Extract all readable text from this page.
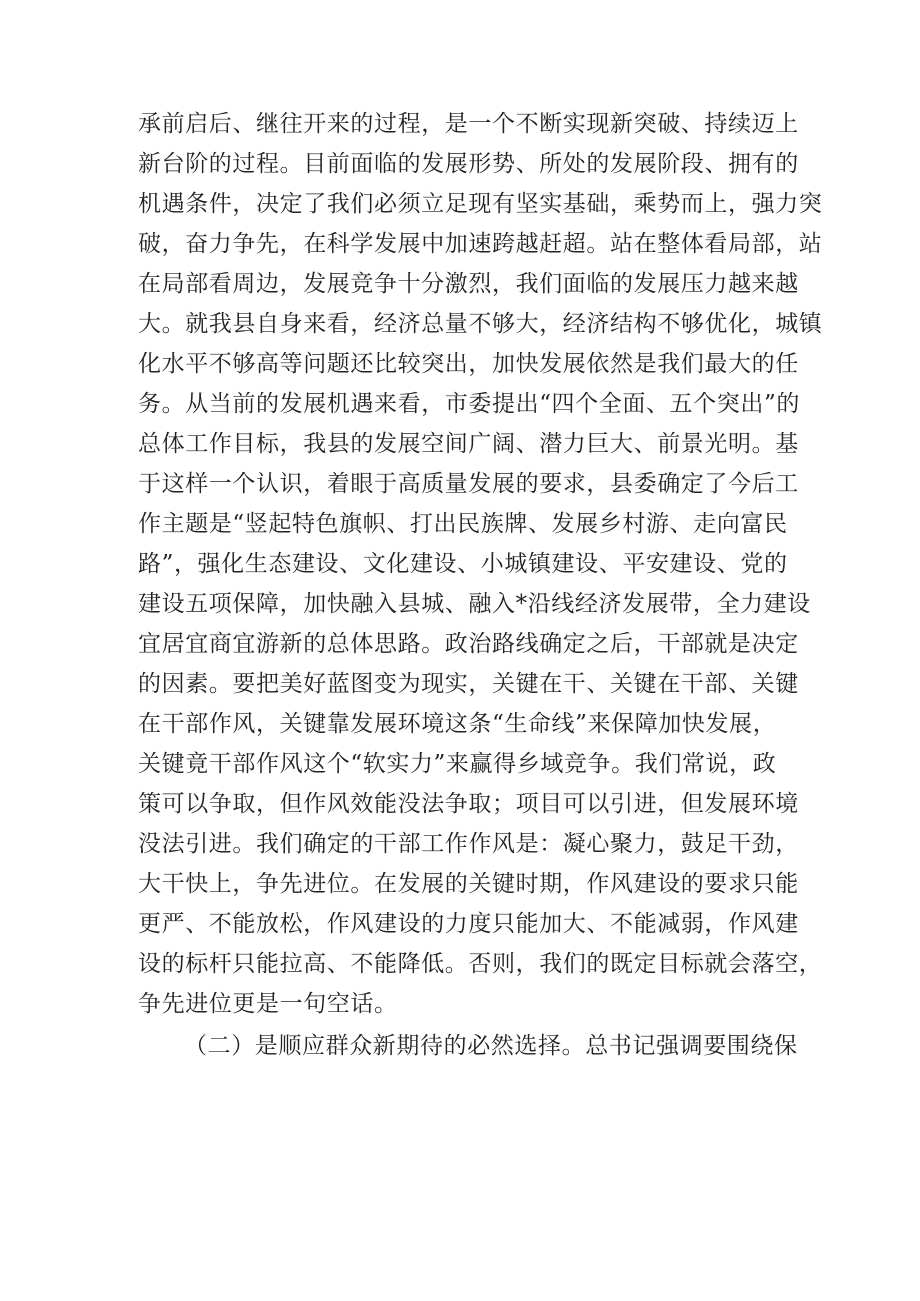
承前启后、继往开来的过程，是一个不断实现新突破、持续迈上
新台阶的过程。目前面临的发展形势、所处的发展阶段、拥有的
机遇条件，决定了我们必须立足现有坚实基础，乘势而上，强力突
破，奋力争先，在科学发展中加速跨越赶超。站在整体看局部，站
在局部看周边，发展竞争十分激烈，我们面临的发展压力越来越
大。就我县自身来看，经济总量不够大，经济结构不够优化，城镇
化水平不够高等问题还比较突出，加快发展依然是我们最大的任
务。从当前的发展机遇来看，市委提出“四个全面、五个突出”的
总体工作目标，我县的发展空间广阔、潜力巨大、前景光明。基
于这样一个认识，着眼于高质量发展的要求，县委确定了今后工
作主题是“竖起特色旗帜、打出民族牌、发展乡村游、走向富民
路”，强化生态建设、文化建设、小城镇建设、平安建设、党的
建设五项保障，加快融入县城、融入*沿线经济发展带，全力建设
宜居宜商宜游新的总体思路。政治路线确定之后，干部就是决定
的因素。要把美好蓝图变为现实，关键在干、关键在干部、关键
在干部作风，关键靠发展环境这条“生命线”来保障加快发展，
关键竟干部作风这个“软实力”来赢得乡域竞争。我们常说，政
策可以争取，但作风效能没法争取；项目可以引进，但发展环境
没法引进。我们确定的干部工作作风是：凝心聚力，鼓足干劲，
大干快上，争先进位。在发展的关键时期，作风建设的要求只能
更严、不能放松，作风建设的力度只能加大、不能减弱，作风建
设的标杆只能拉高、不能降低。否则，我们的既定目标就会落空，
争先进位更是一句空话。
（二）是顺应群众新期待的必然选择。总书记强调要围绕保
